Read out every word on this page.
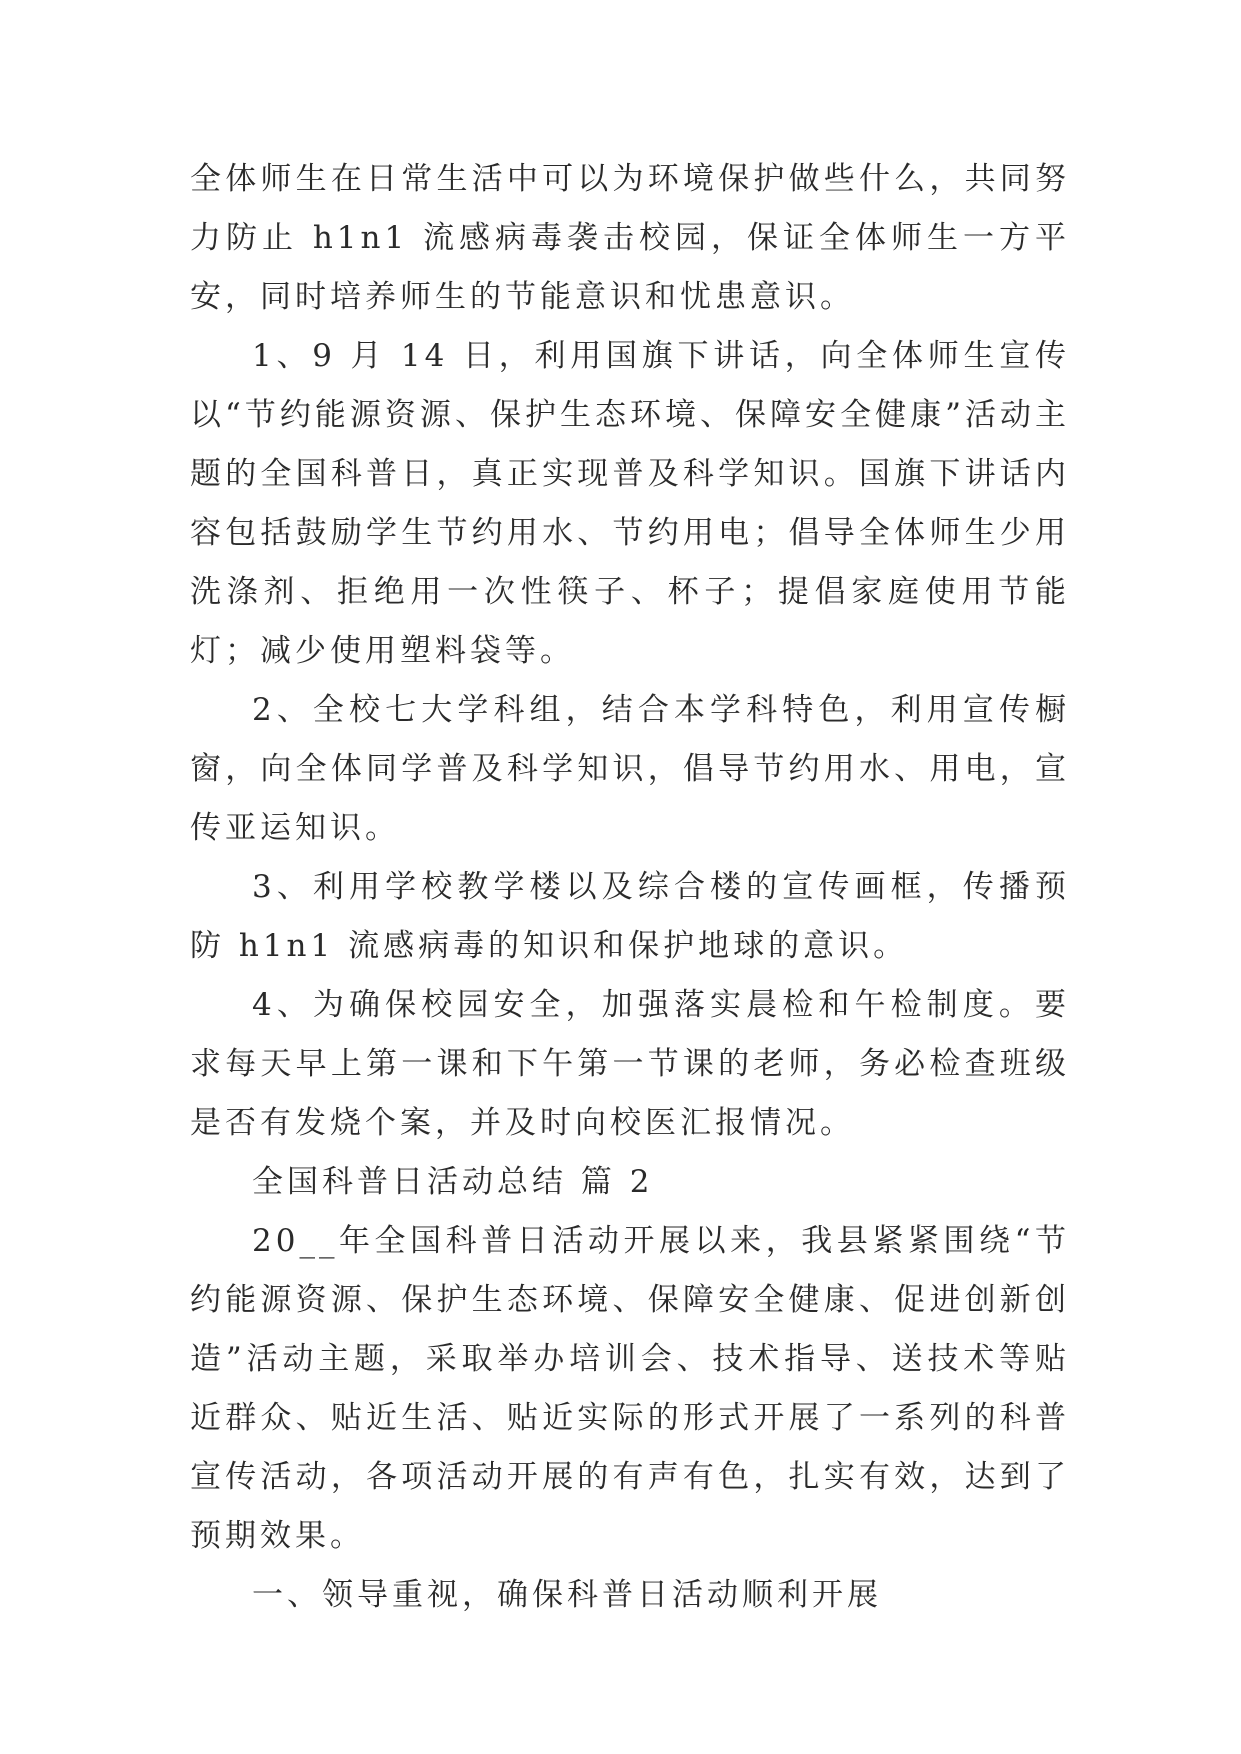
全体师生在日常生活中可以为环境保护做些什么，共同努力防止 h1n1 流感病毒袭击校园，保证全体师生一方平安，同时培养师生的节能意识和忧患意识。

1、9 月 14 日，利用国旗下讲话，向全体师生宣传以“节约能源资源、保护生态环境、保障安全健康”活动主题的全国科普日，真正实现普及科学知识。国旗下讲话内容包括鼓励学生节约用水、节约用电；倡导全体师生少用洗涤剂、拒绝用一次性筷子、杯子；提倡家庭使用节能灯；减少使用塑料袋等。

2、全校七大学科组，结合本学科特色，利用宣传橱窗，向全体同学普及科学知识，倡导节约用水、用电，宣传亚运知识。

3、利用学校教学楼以及综合楼的宣传画框，传播预防 h1n1 流感病毒的知识和保护地球的意识。

4、为确保校园安全，加强落实晨检和午检制度。要求每天早上第一课和下午第一节课的老师，务必检查班级是否有发烧个案，并及时向校医汇报情况。

全国科普日活动总结 篇 2

20__年全国科普日活动开展以来，我县紧紧围绕“节约能源资源、保护生态环境、保障安全健康、促进创新创造”活动主题，采取举办培训会、技术指导、送技术等贴近群众、贴近生活、贴近实际的形式开展了一系列的科普宣传活动，各项活动开展的有声有色，扎实有效，达到了预期效果。

一、领导重视，确保科普日活动顺利开展
